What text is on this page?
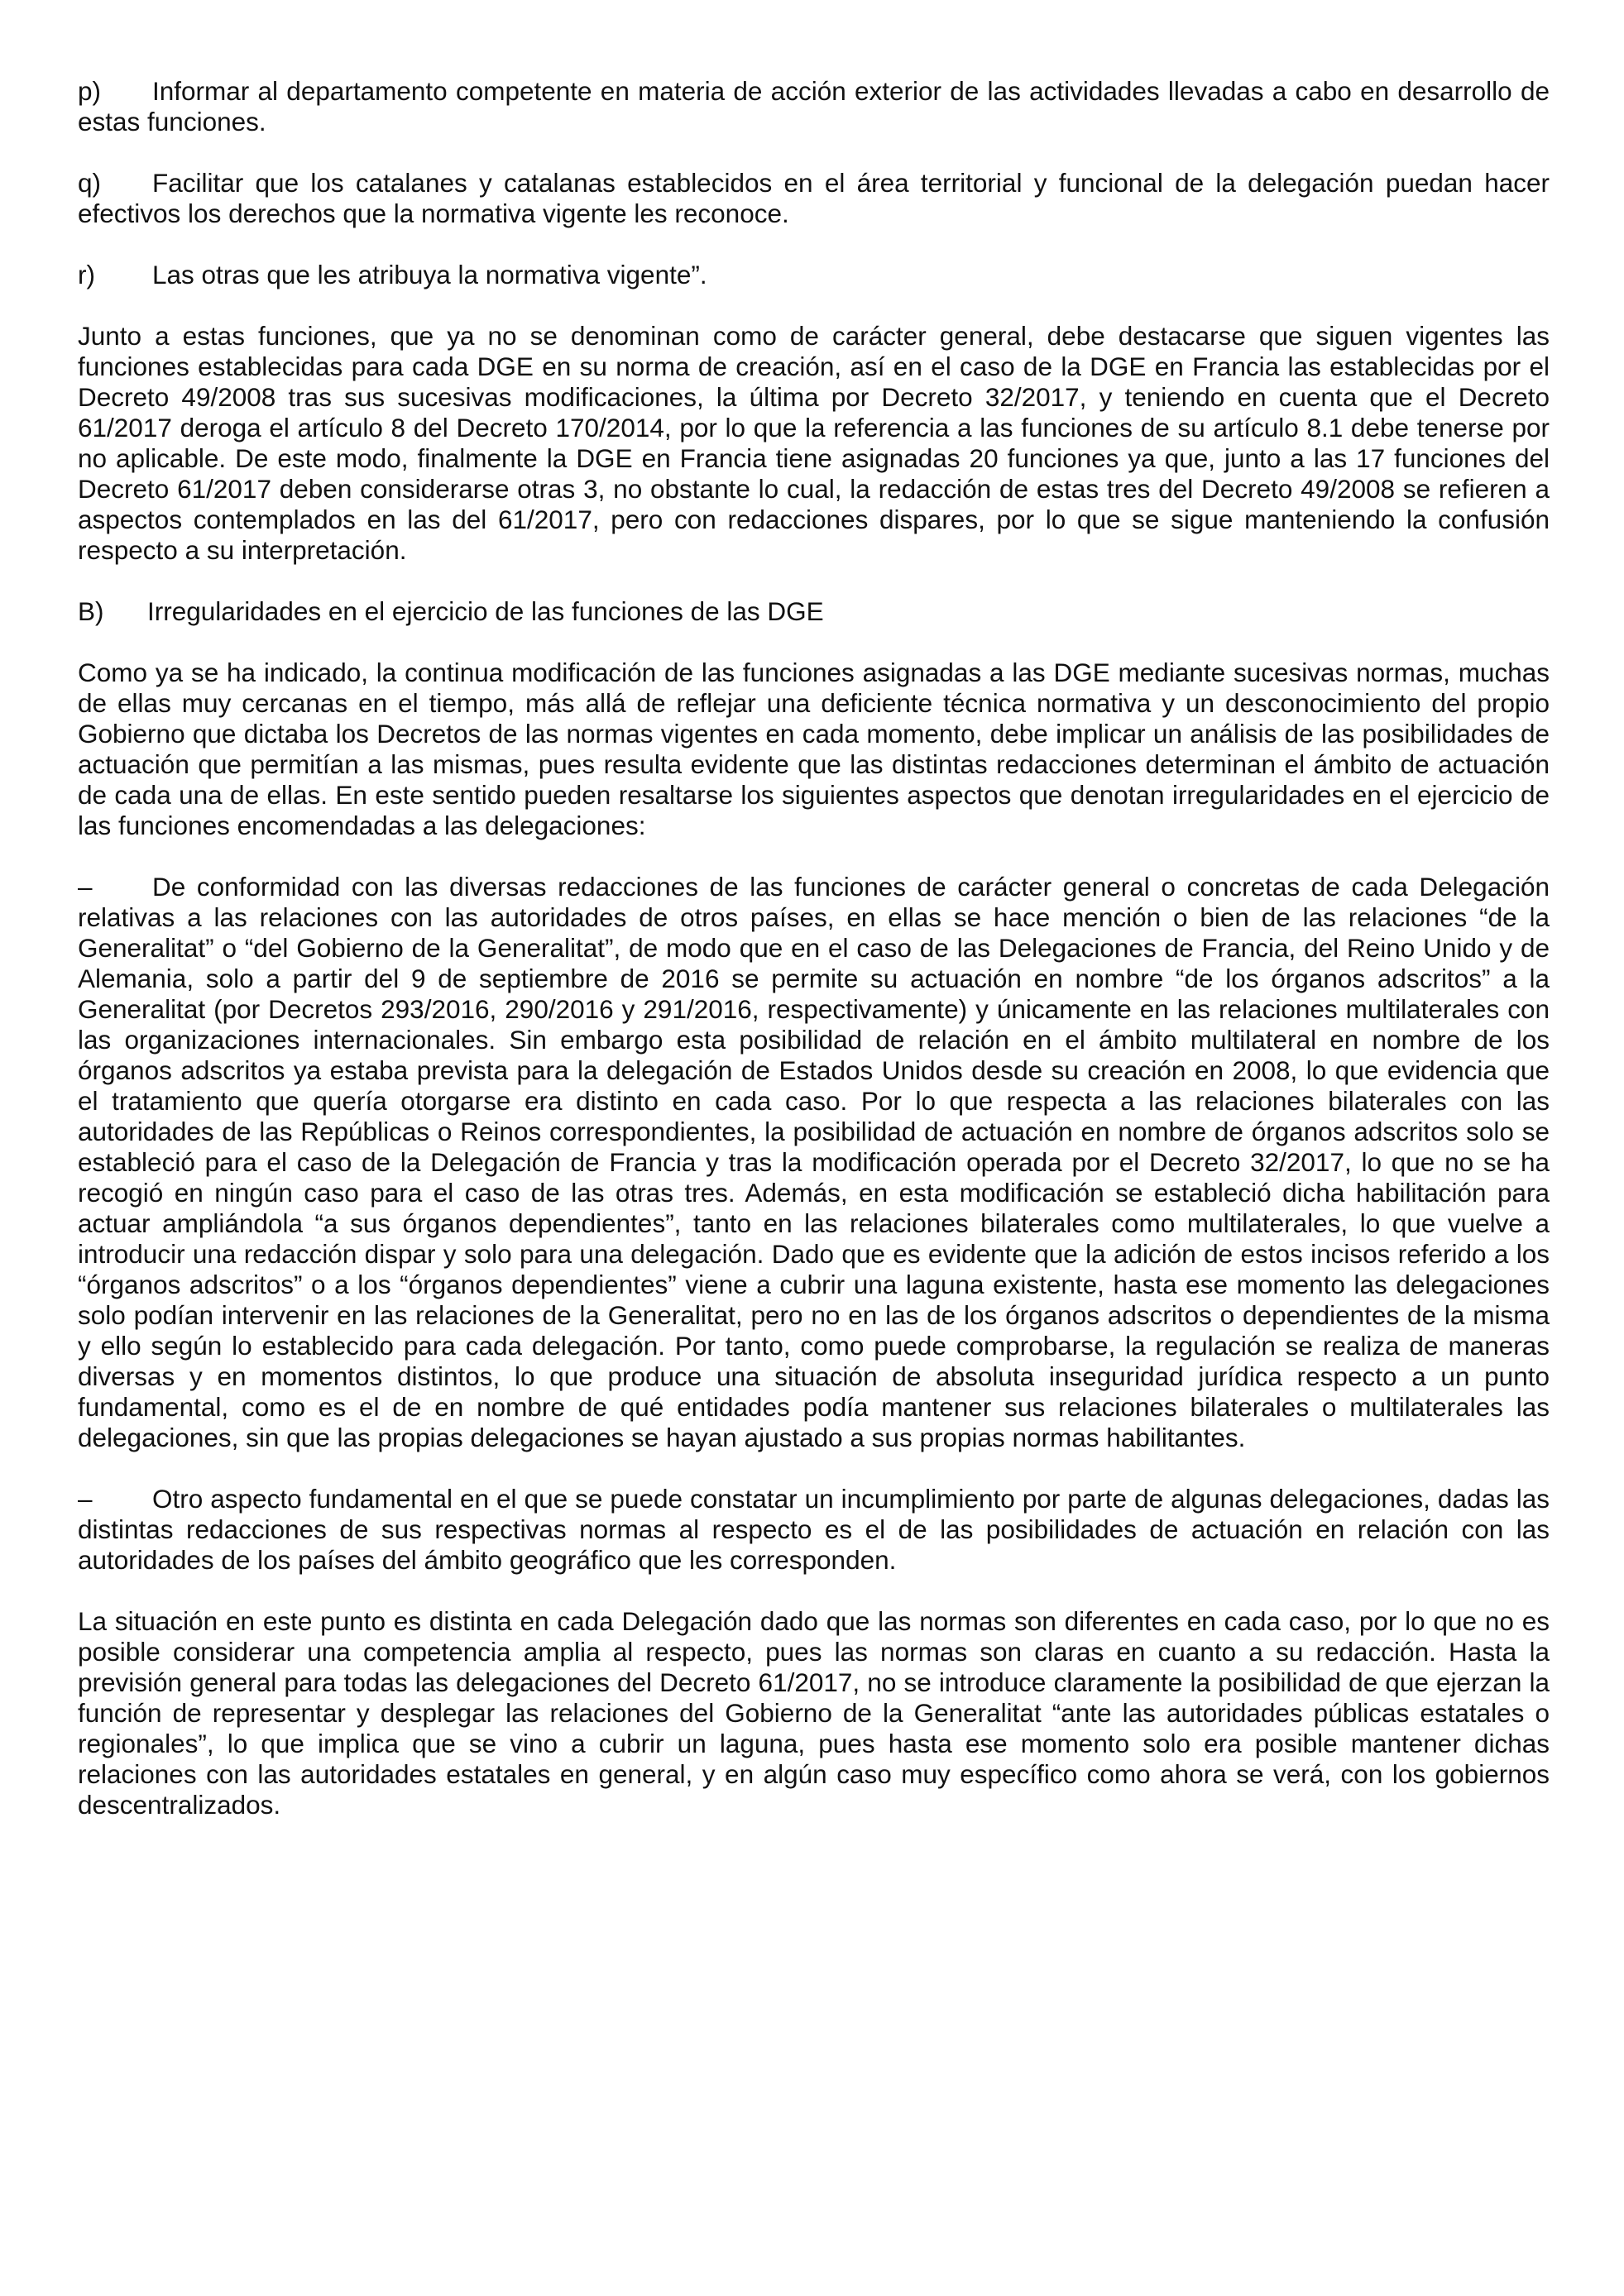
p) Informar al departamento competente en materia de acción exterior de las actividades llevadas a cabo en desarrollo de estas funciones.

q) Facilitar que los catalanes y catalanas establecidos en el área territorial y funcional de la delegación puedan hacer efectivos los derechos que la normativa vigente les reconoce.

r) Las otras que les atribuya la normativa vigente”.

Junto a estas funciones, que ya no se denominan como de carácter general, debe destacarse que siguen vigentes las funciones establecidas para cada DGE en su norma de creación, así en el caso de la DGE en Francia las establecidas por el Decreto 49/2008 tras sus sucesivas modificaciones, la última por Decreto 32/2017, y teniendo en cuenta que el Decreto 61/2017 deroga el artículo 8 del Decreto 170/2014, por lo que la referencia a las funciones de su artículo 8.1 debe tenerse por no aplicable. De este modo, finalmente la DGE en Francia tiene asignadas 20 funciones ya que, junto a las 17 funciones del Decreto 61/2017 deben considerarse otras 3, no obstante lo cual, la redacción de estas tres del Decreto 49/2008 se refieren a aspectos contemplados en las del 61/2017, pero con redacciones dispares, por lo que se sigue manteniendo la confusión respecto a su interpretación.

B) Irregularidades en el ejercicio de las funciones de las DGE

Como ya se ha indicado, la continua modificación de las funciones asignadas a las DGE mediante sucesivas normas, muchas de ellas muy cercanas en el tiempo, más allá de reflejar una deficiente técnica normativa y un desconocimiento del propio Gobierno que dictaba los Decretos de las normas vigentes en cada momento, debe implicar un análisis de las posibilidades de actuación que permitían a las mismas, pues resulta evidente que las distintas redacciones determinan el ámbito de actuación de cada una de ellas. En este sentido pueden resaltarse los siguientes aspectos que denotan irregularidades en el ejercicio de las funciones encomendadas a las delegaciones:

– De conformidad con las diversas redacciones de las funciones de carácter general o concretas de cada Delegación relativas a las relaciones con las autoridades de otros países, en ellas se hace mención o bien de las relaciones “de la Generalitat” o “del Gobierno de la Generalitat”, de modo que en el caso de las Delegaciones de Francia, del Reino Unido y de Alemania, solo a partir del 9 de septiembre de 2016 se permite su actuación en nombre “de los órganos adscritos” a la Generalitat (por Decretos 293/2016, 290/2016 y 291/2016, respectivamente) y únicamente en las relaciones multilaterales con las organizaciones internacionales. Sin embargo esta posibilidad de relación en el ámbito multilateral en nombre de los órganos adscritos ya estaba prevista para la delegación de Estados Unidos desde su creación en 2008, lo que evidencia que el tratamiento que quería otorgarse era distinto en cada caso. Por lo que respecta a las relaciones bilaterales con las autoridades de las Repúblicas o Reinos correspondientes, la posibilidad de actuación en nombre de órganos adscritos solo se estableció para el caso de la Delegación de Francia y tras la modificación operada por el Decreto 32/2017, lo que no se ha recogió en ningún caso para el caso de las otras tres. Además, en esta modificación se estableció dicha habilitación para actuar ampliándola “a sus órganos dependientes”, tanto en las relaciones bilaterales como multilaterales, lo que vuelve a introducir una redacción dispar y solo para una delegación. Dado que es evidente que la adición de estos incisos referido a los “órganos adscritos” o a los “órganos dependientes” viene a cubrir una laguna existente, hasta ese momento las delegaciones solo podían intervenir en las relaciones de la Generalitat, pero no en las de los órganos adscritos o dependientes de la misma y ello según lo establecido para cada delegación. Por tanto, como puede comprobarse, la regulación se realiza de maneras diversas y en momentos distintos, lo que produce una situación de absoluta inseguridad jurídica respecto a un punto fundamental, como es el de en nombre de qué entidades podía mantener sus relaciones bilaterales o multilaterales las delegaciones, sin que las propias delegaciones se hayan ajustado a sus propias normas habilitantes.

– Otro aspecto fundamental en el que se puede constatar un incumplimiento por parte de algunas delegaciones, dadas las distintas redacciones de sus respectivas normas al respecto es el de las posibilidades de actuación en relación con las autoridades de los países del ámbito geográfico que les corresponden.

La situación en este punto es distinta en cada Delegación dado que las normas son diferentes en cada caso, por lo que no es posible considerar una competencia amplia al respecto, pues las normas son claras en cuanto a su redacción. Hasta la previsión general para todas las delegaciones del Decreto 61/2017, no se introduce claramente la posibilidad de que ejerzan la función de representar y desplegar las relaciones del Gobierno de la Generalitat “ante las autoridades públicas estatales o regionales”, lo que implica que se vino a cubrir un laguna, pues hasta ese momento solo era posible mantener dichas relaciones con las autoridades estatales en general, y en algún caso muy específico como ahora se verá, con los gobiernos descentralizados.
